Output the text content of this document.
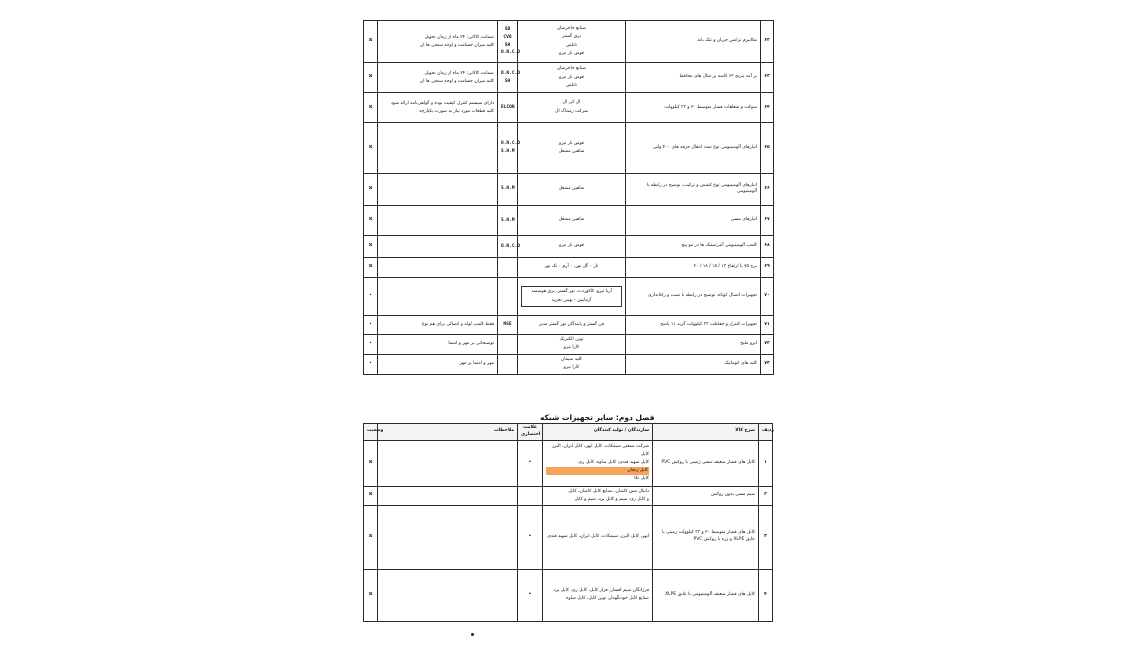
⊠	ضمانت کالاتی: ۲۴ ماه از زمان تحویل
کلیه میزان جسامت و اوجه سنجی ها ان	SD
CVO
SH
O.N.C.O	صنایع جاجرمیان
برق گستر
تابلش
قوس نار نیرو	مکانیزم ترانس جریان و تنک بانه	۶۲
⊠	ضمانت کالاتی: ۲۴ ماه از زمان تحویل
کلیه میزان جسامت و اوجه سنجی ها ان	O.N.C.O
SH	صنایع جاجرمیان
قوس نار نیرو
تابلش	بر آمد تیرنج ۶۳ کاسه بر مثال های محافظ	۶۳
⊠	دارای سیستم کنترل کیفیت بوده و گواهی‌نامه ارائه شود
کلیه قطعات مورد نیاز به صورت یکپارچه	ELCON	ال کی ال
شرکت رستاک ال	سوکت و متعلقات فشار متوسط ۲۰ و ۳۳ کیلوولت	۶۴
⊠		O.N.C.O
S.H.M	قوس نار نیرو
شاهین مشعل	انبارهای آلومینیومی نوع تمدد انتقال جرقه های ۴۰۰ ولتی	۶۵
⊠		S.H.M	شاهین مشعل	انبارهای آلومینیومی نوع کشش و ترکیب، توضیح در رابطه با آلومینیومی	۶۶
⊠		S.H.M	شاهین مشعل	انبارهای مسی	۶۷
⊠		O.N.C.O	قوس نار نیرو	کلمپ آلومینیومی آنتی‌ستیک ها در مو پیچ	۶۸
⊠			نار ۰ گل نور، ۰ آرم ۰ تک نور	برج ۷۵ با ارتفاع ۱۳ / ۱۵ / ۱۸ / ۲۰	۶۹
•			آریا نیرو، کاکوردت، نور گستر، برق هوشمند
آزمایش - بهمن تجرید	تجهیزات اتصال کوتاه، توضیح در رابطه با نصب و راه‌اندازی	۷۰
•	فقط کلمپ لوله و اتصالی برای هم نوع	NSE	فن گستر و پایندگان نور گستر مدیر	تجهیزات کنترل و حفاظت ۳۳ کیلوولت گرید ۱۱ پاسخ	۷۱
•	توضیحاتی بر مهر و امضا		نوین الکتریک
کارا نیرو	ایزو ملیح	۷۲
•	مهر و امضا بر مهر		کلید سیمان
کارا نیرو	کلید های اتوماتیک	۷۳
فصل دوم: سایر تجهیزات شبکه
وضعیت	ملاحظات	علامت اختصاری	سازندگان / تولید کنندگان	شرح کالا	ردیف
⊠		•	شرکت صنعتی سیمکات، کابل ابهر، کابل ایران، البرز کابل
کابل شهید قندی، کابل ساوه، کابل ری،
کابل زنجان
کابل نکا	کابل های فشار ضعیف مسی زمینی با روکش PVC	۱
⊠			دانیال مس کاشان، صنایع کابل کاشان، کابل
و کابل ری، سیم و کابل یزد، سیم و کابل	سیم مسی بدون روکش	۲
⊠		•	ابهر، کابل البرز، سیمکات، کابل ایران، کابل شهید قندی	کابل های فشار متوسط ۲۰ و ۳۳ کیلوولت زمینی با عایق XLPE و زره با روکش PVC	۳
⊠		•	فرزانگان سیم افشار، فراز کابل، کابل ری، کابل یزد
صنایع کابل خودنگهدار، نوین کابل، کابل ساوه	کابل های فشار ضعیف آلومینیومی با عایق XLPE	۴
